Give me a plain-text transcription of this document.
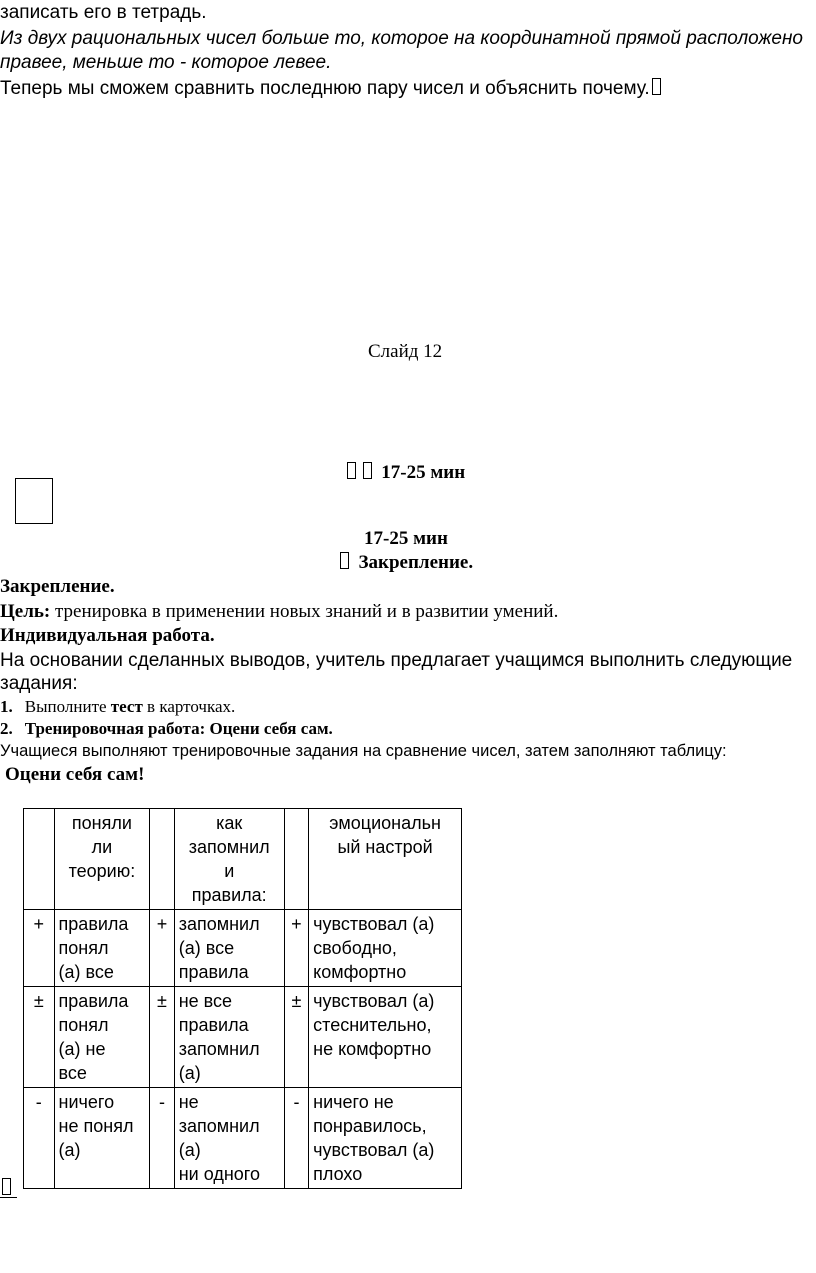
записать его в тетрадь.
Из двух рациональных чисел больше то, которое на координатной прямой расположено
правее, меньше то - которое левее.
Теперь мы сможем сравнить последнюю пару чисел и объяснить почему.
Слайд 12
17-25 мин
17-25 мин
Закрепление.
Закрепление.
Цель: тренировка в применении новых знаний и в развитии умений.
Индивидуальная работа.
На основании сделанных выводов, учитель предлагает учащимся выполнить следующие
задания:
1. Выполните тест в карточках.
2. Тренировочная работа: Оцени себя сам.
Учащиеся выполняют тренировочные задания на сравнение чисел, затем заполняют таблицу:
Оцени себя сам!
	поняли
ли
теорию:		как
запомнил
и
правила:		эмоциональн
ый настрой
+	правила
понял
(а) все	+	запомнил
(а) все
правила	+	чувствовал (а)
свободно,
комфортно
±	правила
понял
(а) не
все	±	не все
правила
запомнил
(а)	±	чувствовал (а)
стеснительно,
не комфортно
-	ничего
не понял
(а)	-	не
запомнил
(а)
ни одного	-	ничего не
понравилось,
чувствовал (а)
плохо
